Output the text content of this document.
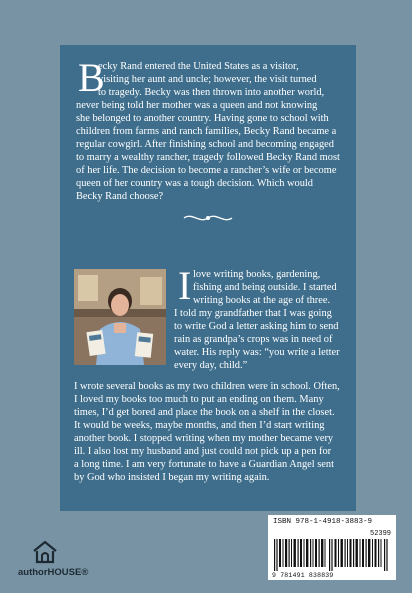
B
ecky Rand entered the United States as a visitor,
visiting her aunt and uncle; however, the visit turned
to tragedy. Becky was then thrown into another world,
never being told her mother was a queen and not knowing
she belonged to another country. Having gone to school with
children from farms and ranch families, Becky Rand became a
regular cowgirl. After finishing school and becoming engaged
to marry a wealthy rancher, tragedy followed Becky Rand most
of her life. The decision to become a rancher’s wife or become
queen of her country was a tough decision. Which would
Becky Rand choose?
I love writing books, gardening,
fishing and being outside. I started
writing books at the age of three.
I told my grandfather that I was going
to write God a letter asking him to send
rain as grandpa’s crops was in need of
water. His reply was: “you write a letter
every day, child.”
I wrote several books as my two children were in school. Often,
I loved my books too much to put an ending on them. Many
times, I’d get bored and place the book on a shelf in the closet.
It would be weeks, maybe months, and then I’d start writing
another book. I stopped writing when my mother became very
ill. I also lost my husband and just could not pick up a pen for
a long time. I am very fortunate to have a Guardian Angel sent
by God who insisted I began my writing again.
ISBN 978-1-4918-3883-9
52399
9 781491 838839
authorHOUSE®
